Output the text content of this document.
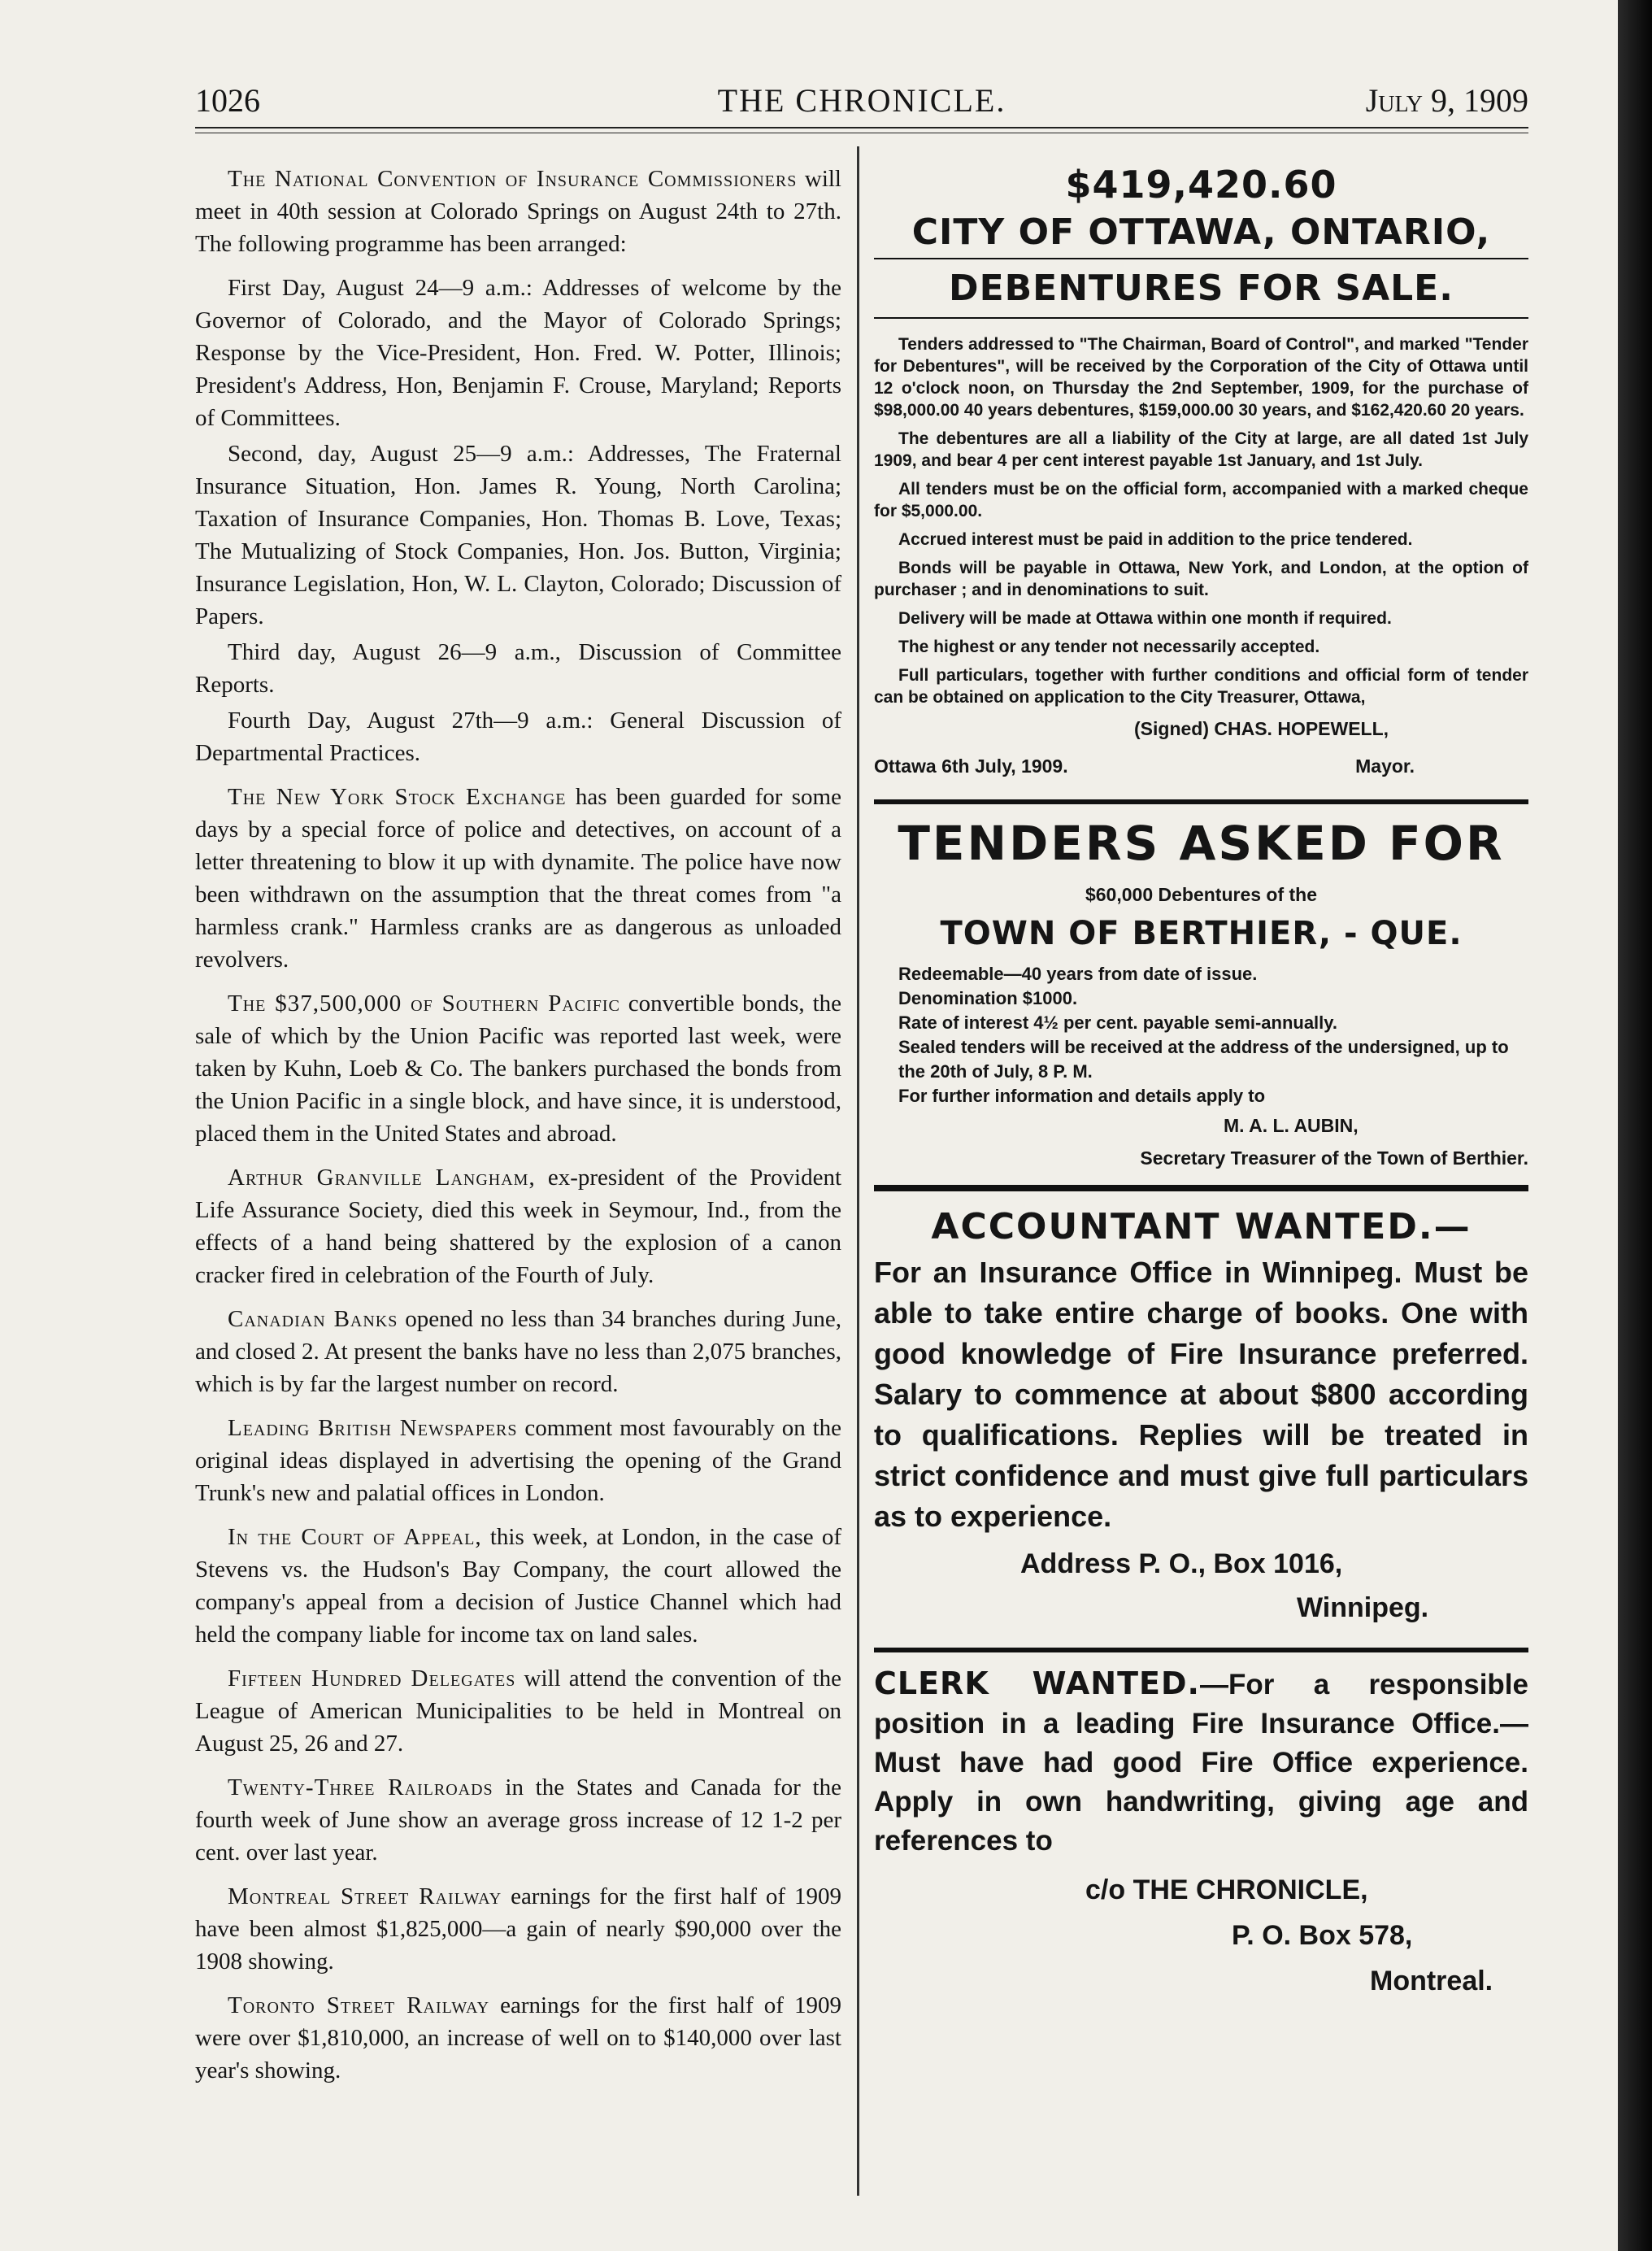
1026	THE CHRONICLE.	July 9, 1909

The National Convention of Insurance Commissioners will meet in 40th session at Colorado Springs on August 24th to 27th. The following programme has been arranged:

First Day, August 24—9 a.m.: Addresses of welcome by the Governor of Colorado, and the Mayor of Colorado Springs; Response by the Vice-President, Hon. Fred. W. Potter, Illinois; President's Address, Hon, Benjamin F. Crouse, Maryland; Reports of Committees.

Second, day, August 25—9 a.m.: Addresses, The Fraternal Insurance Situation, Hon. James R. Young, North Carolina; Taxation of Insurance Companies, Hon. Thomas B. Love, Texas; The Mutualizing of Stock Companies, Hon. Jos. Button, Virginia; Insurance Legislation, Hon, W. L. Clayton, Colorado; Discussion of Papers.

Third day, August 26—9 a.m., Discussion of Committee Reports.

Fourth Day, August 27th—9 a.m.: General Discussion of Departmental Practices.

The New York Stock Exchange has been guarded for some days by a special force of police and detectives, on account of a letter threatening to blow it up with dynamite. The police have now been withdrawn on the assumption that the threat comes from "a harmless crank." Harmless cranks are as dangerous as unloaded revolvers.

The $37,500,000 of Southern Pacific convertible bonds, the sale of which by the Union Pacific was reported last week, were taken by Kuhn, Loeb & Co. The bankers purchased the bonds from the Union Pacific in a single block, and have since, it is understood, placed them in the United States and abroad.

Arthur Granville Langham, ex-president of the Provident Life Assurance Society, died this week in Seymour, Ind., from the effects of a hand being shattered by the explosion of a canon cracker fired in celebration of the Fourth of July.

Canadian Banks opened no less than 34 branches during June, and closed 2. At present the banks have no less than 2,075 branches, which is by far the largest number on record.

Leading British Newspapers comment most favourably on the original ideas displayed in advertising the opening of the Grand Trunk's new and palatial offices in London.

In the Court of Appeal, this week, at London, in the case of Stevens vs. the Hudson's Bay Company, the court allowed the company's appeal from a decision of Justice Channel which had held the company liable for income tax on land sales.

Fifteen Hundred Delegates will attend the convention of the League of American Municipalities to be held in Montreal on August 25, 26 and 27.

Twenty-Three Railroads in the States and Canada for the fourth week of June show an average gross increase of 12 1-2 per cent. over last year.

Montreal Street Railway earnings for the first half of 1909 have been almost $1,825,000—a gain of nearly $90,000 over the 1908 showing.

Toronto Street Railway earnings for the first half of 1909 were over $1,810,000, an increase of well on to $140,000 over last year's showing.

$419,420.60
CITY OF OTTAWA, ONTARIO,
DEBENTURES FOR SALE.

Tenders addressed to "The Chairman, Board of Control", and marked "Tender for Debentures", will be received by the Corporation of the City of Ottawa until 12 o'clock noon, on Thursday the 2nd September, 1909, for the purchase of $98,000.00 40 years debentures, $159,000.00 30 years, and $162,420.60 20 years.

The debentures are all a liability of the City at large, are all dated 1st July 1909, and bear 4 per cent interest payable 1st January, and 1st July.

All tenders must be on the official form, accompanied with a marked cheque for $5,000.00.

Accrued interest must be paid in addition to the price tendered.

Bonds will be payable in Ottawa, New York, and London, at the option of purchaser ; and in denominations to suit.

Delivery will be made at Ottawa within one month if required.

The highest or any tender not necessarily accepted.

Full particulars, together with further conditions and official form of tender can be obtained on application to the City Treasurer, Ottawa,

(Signed) CHAS. HOPEWELL,
Ottawa 6th July, 1909.	Mayor.
TENDERS ASKED FOR
$60,000 Debentures of the
TOWN OF BERTHIER, - QUE.
Redeemable—40 years from date of issue.
Denomination $1000.
Rate of interest 4½ per cent. payable semi-annually.
Sealed tenders will be received at the address of the undersigned, up to the 20th of July, 8 P. M.
For further information and details apply to
M. A. L. AUBIN,
Secretary Treasurer of the Town of Berthier.
ACCOUNTANT WANTED.—

For an Insurance Office in Winnipeg. Must be able to take entire charge of books. One with good knowledge of Fire Insurance preferred. Salary to commence at about $800 according to qualifications. Replies will be treated in strict confidence and must give full particulars as to experience.

Address P. O., Box 1016,
Winnipeg.

CLERK WANTED.—For a responsible position in a leading Fire Insurance Office.—Must have had good Fire Office experience. Apply in own handwriting, giving age and references to

c/o THE CHRONICLE,
P. O. Box 578,
Montreal.
